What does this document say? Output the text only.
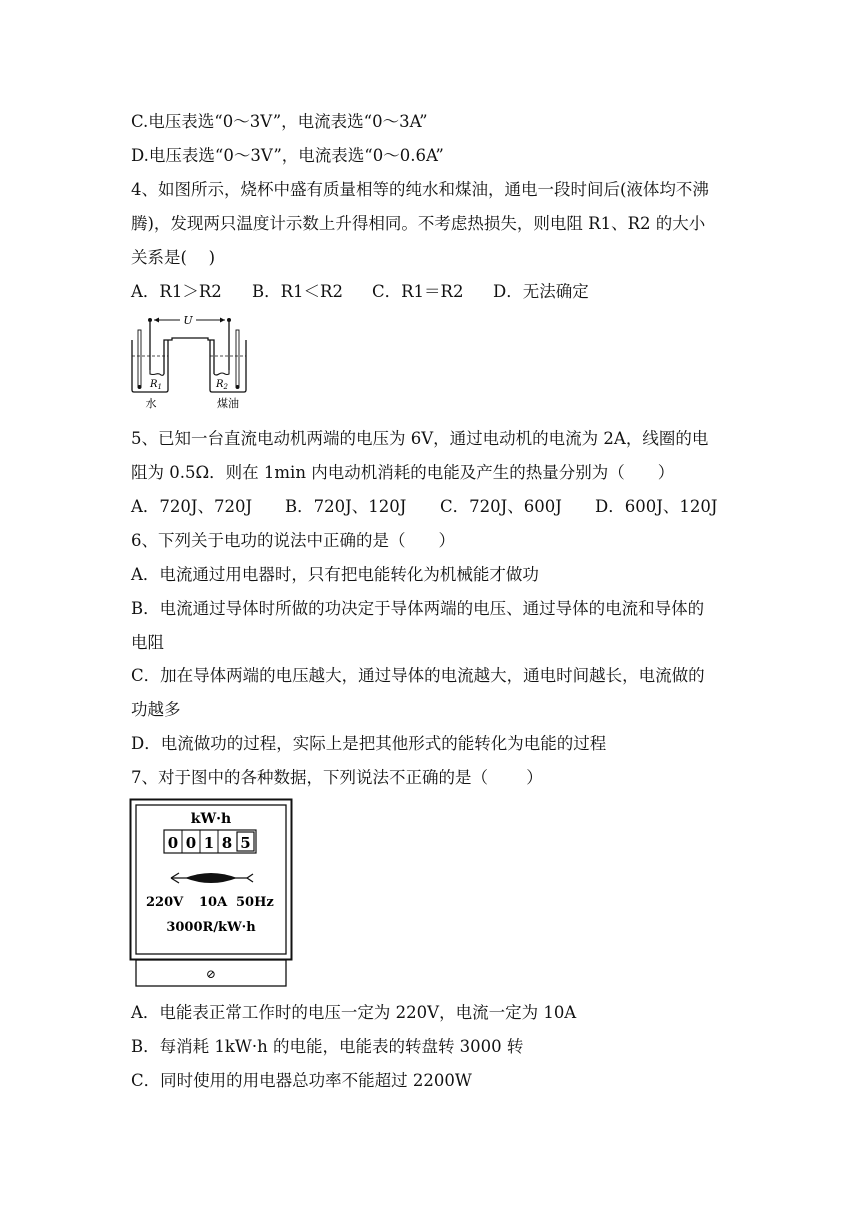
C.电压表选“0～3V”，电流表选“0～3A”
D.电压表选“0～3V”，电流表选“0～0.6A”
4、如图所示，烧杯中盛有质量相等的纯水和煤油，通电一段时间后(液体均不沸
腾)，发现两只温度计示数上升得相同。不考虑热损失，则电阻 R1、R2 的大小
关系是(　 )
A．R1＞R2 B．R1＜R2 C．R1＝R2 D．无法确定
U
$R_1$	$R_2$
水	煤油
5、已知一台直流电动机两端的电压为 6V，通过电动机的电流为 2A，线圈的电
阻为 0.5Ω．则在 1min 内电动机消耗的电能及产生的热量分别为（　　）
A．720J、720J B．720J、120J C．720J、600J D．600J、120J
6、下列关于电功的说法中正确的是（　　）
A．电流通过用电器时，只有把电能转化为机械能才做功
B．电流通过导体时所做的功决定于导体两端的电压、通过导体的电流和导体的
电阻
C．加在导体两端的电压越大，通过导体的电流越大，通电时间越长，电流做的
功越多
D．电流做功的过程，实际上是把其他形式的能转化为电能的过程
7、对于图中的各种数据，下列说法不正确的是（　　 ）
kW·h
0 0 1 8 5
220V 10A 50Hz
3000R/kW·h
⊘
A．电能表正常工作时的电压一定为 220V，电流一定为 10A
B．每消耗 1kW·h 的电能，电能表的转盘转 3000 转
C．同时使用的用电器总功率不能超过 2200W
